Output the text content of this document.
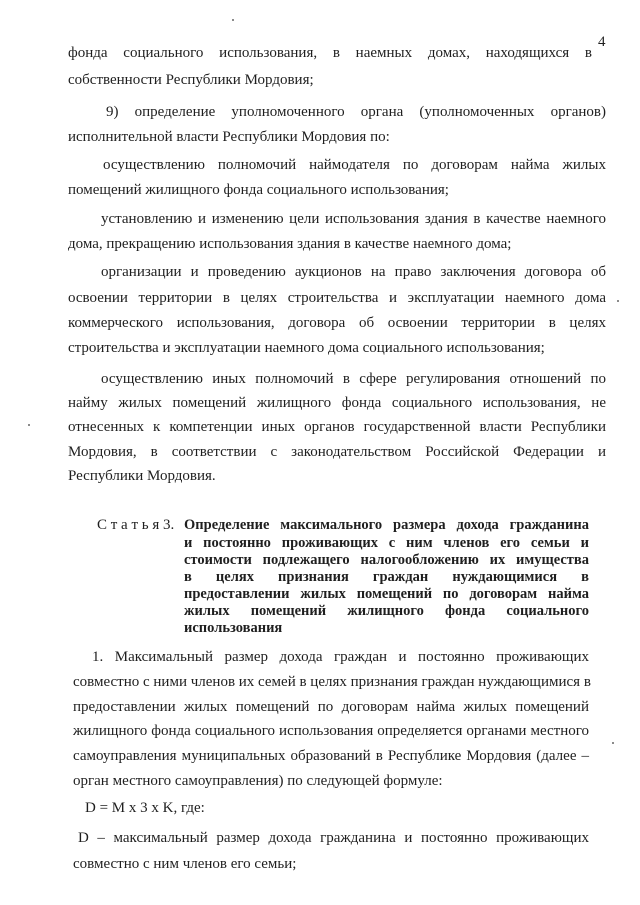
4
фонда социального использования, в наемных домах, находящихся в
собственности Республики Мордовия;
9) определение уполномоченного органа (уполномоченных органов)
исполнительной власти Республики Мордовия по:
осуществлению полномочий наймодателя по договорам найма жилых
помещений жилищного фонда социального использования;
установлению и изменению цели использования здания в качестве наемного
дома, прекращению использования здания в качестве наемного дома;
организации и проведению аукционов на право заключения договора об
освоении территории в целях строительства и эксплуатации наемного дома
коммерческого использования, договора об освоении территории в целях
строительства и эксплуатации наемного дома социального использования;
осуществлению иных полномочий в сфере регулирования отношений по
найму жилых помещений жилищного фонда социального использования, не
отнесенных к компетенции иных органов государственной власти Республики
Мордовия, в соответствии с законодательством Российской Федерации и
Республики Мордовия.
С т а т ь я 3. Определение максимального размера дохода гражданина
и постоянно проживающих с ним членов его семьи и
стоимости подлежащего налогообложению их имущества
в целях признания граждан нуждающимися в
предоставлении жилых помещений по договорам найма
жилых помещений жилищного фонда социального
использования
1. Максимальный размер дохода граждан и постоянно проживающих
совместно с ними членов их семей в целях признания граждан нуждающимися в
предоставлении жилых помещений по договорам найма жилых помещений
жилищного фонда социального использования определяется органами местного
самоуправления муниципальных образований в Республике Мордовия (далее –
орган местного самоуправления) по следующей формуле:
D = M x 3 x K, где:
D – максимальный размер дохода гражданина и постоянно проживающих
совместно с ним членов его семьи;
